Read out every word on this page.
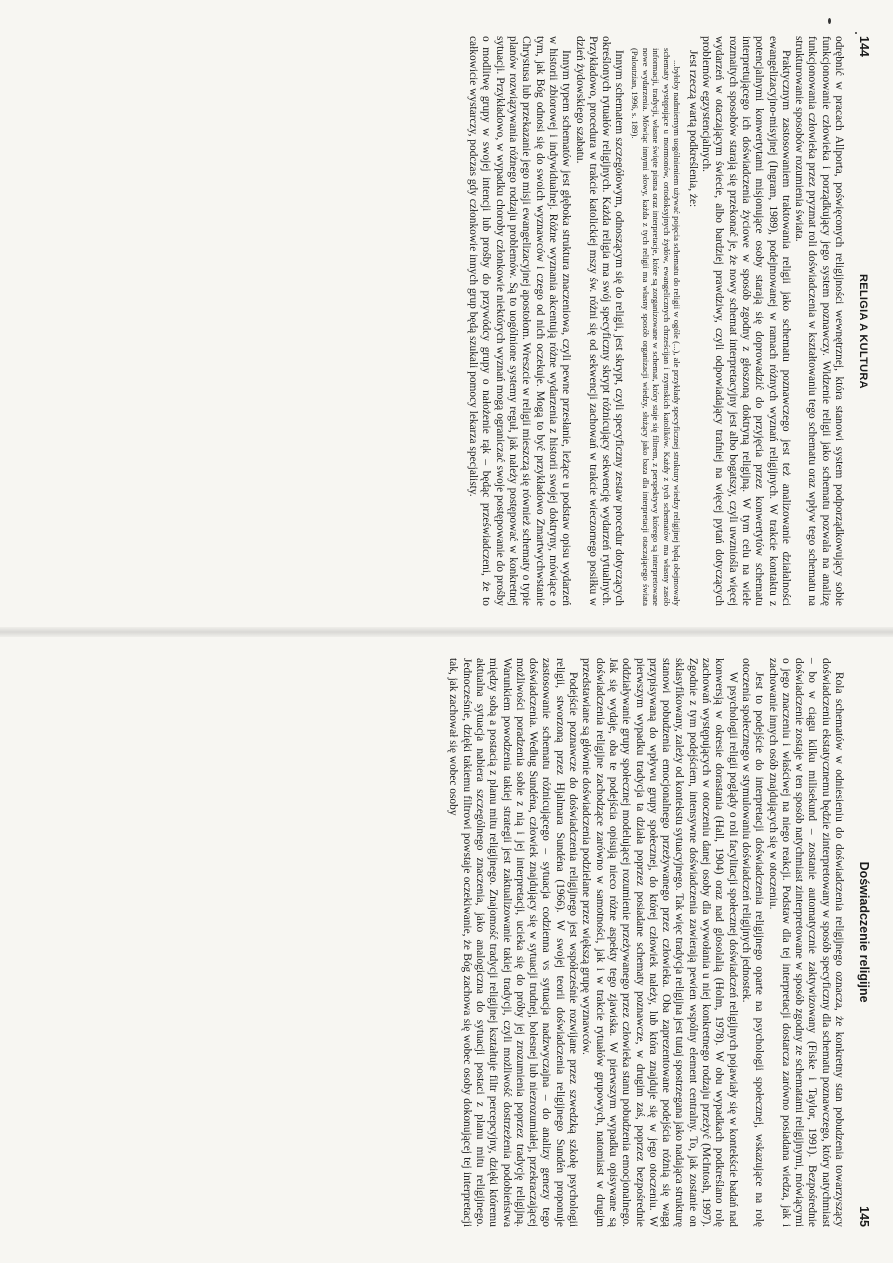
144
RELIGIA A KULTURA

odrębnić w pracach Allporta, poświęconych religijności wewnętrznej, która stanowi system podporządkowujący sobie funkcjonowanie człowieka i porządkujący jego system poznawczy. Widzenie religii jako schematu pozwala na analizę funkcjonowania człowieka przez pryzmat roli doświadczenia w kształtowaniu tego schematu oraz wpływ tego schematu na strukturowanie sposobów rozumienia świata.

Praktycznym zastosowaniem traktowania religii jako schematu poznawczego jest też analizowanie działalności ewangelizacyjno-misyjnej (Ingram, 1989), podejmowanej w ramach różnych wyznań religijnych. W trakcie kontaktu z potencjalnymi konwertytami misjonujące osoby starają się doprowadzić do przyjęcia przez konwertytów schematu interpretującego ich doświadczenia życiowe w sposób zgodny z głoszoną doktryną religijną. W tym celu na wiele rozmaitych sposobów starają się przekonać je, że nowy schemat interpretacyjny jest albo bogatszy, czyli uwzniośla więcej wydarzeń w otaczającym świecie, albo bardziej prawdziwy, czyli odpowiadający trafniej na więcej pytań dotyczących problemów egzystencjalnych.

Jest rzeczą wartą podkreślenia, że:

...byłoby nadmiernym uogólnieniem używać pojęcia schematu do religii w ogóle (...), ale przykłady specyficznej struktury wiedzy religijnej będą obejmowały schematy występujące u mormonów, ortodoksyjnych żydów, ewangelicznych chrześcijan i rzymskich katolików. Każdy z tych schematów ma własny zasób informacji, tradycji, własne święte pisma oraz interpretacje, które są zorganizowane w schemat, który staje się filtrem, z perspektywy którego są interpretowane nowe wydarzenia. Mówiąc innymi słowy, każda z tych religii ma własny sposób organizacji wiedzy, służący jako baza dla interpretacji otaczającego świata (Paloutzian, 1996, s. 189).

Innym schematem szczegółowym, odnoszącym się do religii, jest skrypt, czyli specyficzny zestaw procedur dotyczących określonych rytuałów religijnych. Każda religia ma swój specyficzny skrypt różnicujący sekwencję wydarzeń rytualnych. Przykładowo, procedura w trakcie katolickiej mszy św. różni się od sekwencji zachowań w trakcie wieczornego posiłku w dzień żydowskiego szabatu.

Innym typem schematów jest głęboka struktura znaczeniowa, czyli pewne przesłanie, leżące u podstaw opisu wydarzeń w historii zbiorowej i indywidualnej. Różne wyznania akcentują różne wydarzenia z historii swojej doktryny, mówiące o tym, jak Bóg odnosi się do swoich wyznawców i czego od nich oczekuje. Mogą to być przykładowo Zmartwychwstanie Chrystusa lub przekazanie jego misji ewangelizacyjnej apostołom. Wreszcie w religii mieszczą się również schematy o typie planów rozwiązywania różnego rodzaju problemów. Są to uogólnione systemy reguł, jak należy postępować w konkretnej sytuacji. Przykładowo, w wypadku choroby członkowie niektórych wyznań mogą ograniczać swoje postępowanie do prośby o modlitwę grupy w swojej intencji lub prośby do przywódcy grupy o nałożenie rąk – będąc przeświadczeni, że to całkowicie wystarczy, podczas gdy członkowie innych grup będą szukali pomocy lekarza specjalisty.

Doświadczenie religijne
145

Rola schematów w odniesieniu do doświadczenia religijnego oznacza, że konkretny stan pobudzenia towarzyszący doświadczeniu ekstatycznemu będzie zinterpretowany w sposób specyficzny dla schematu poznawczego, który natychmiast – bo w ciągu kilku milisekund – zostanie automatycznie zaktywizowany (Fiske i Taylor, 1991). Bezpośrednie doświadczenie zostaje w ten sposób natychmiast zinterpretowane w sposób zgodny ze schematami religijnymi, mówiącymi o jego znaczeniu i właściwej na niego reakcji. Podstaw dla tej interpretacji dostarcza zarówno posiadana wiedza, jak i zachowanie innych osób znajdujących się w otoczeniu.

Jest to podejście do interpretacji doświadczenia religijnego oparte na psychologii społecznej, wskazujące na rolę otoczenia społecznego w stymulowaniu doświadczeń religijnych jednostek.

W psychologii religii poglądy o roli facylitacji społecznej doświadczeń religijnych pojawiały się w kontekście badań nad konwersją w okresie dorastania (Hall, 1904) oraz nad glosolalią (Holm, 1978). W obu wypadkach podkreślano rolę zachowań występujących w otoczeniu danej osoby dla wywołania u niej konkretnego rodzaju przeżyć (McIntosh, 1997). Zgodnie z tym podejściem, intensywne doświadczenia zawierają pewien wspólny element centralny. To, jak zostanie on sklasyfikowany, zależy od kontekstu sytuacyjnego. Tak więc tradycja religijna jest tutaj spostrzegana jako nadająca strukturę stanowi pobudzenia emocjonalnego przeżywanego przez człowieka. Oba zaprezentowane podejścia różnią się wagą przypisywaną do wpływu grupy społecznej, do której człowiek należy, lub która znajduje się w jego otoczeniu. W pierwszym wypadku tradycja ta działa poprzez posiadane schematy poznawcze, w drugim zaś, poprzez bezpośrednie oddziaływanie grupy społecznej modelującej rozumienie przeżywanego przez człowieka stanu pobudzenia emocjonalnego. Jak się wydaje, oba te podejścia opisują nieco różne aspekty tego zjawiska. W pierwszym wypadku opisywane są doświadczenia religijne zachodzące zarówno w samotności, jak i w trakcie rytuałów grupowych, natomiast w drugim przedstawiane są głównie doświadczenia podzielane przez większą grupę wyznawców.

Podejście poznawcze do doświadczenia religijnego jest współcześnie rozwijane przez szwedzką szkołę psychologii religii, stworzoną przez Hjalmara Sundéna (1966). W swojej teorii doświadczenia religijnego Sundén proponuje zastosowanie schematu różnicującego – sytuacja codzienna vs sytuacja nadzwyczajna – do analizy genezy tego doświadczenia. Według Sundéna, człowiek znajdujący się w sytuacji trudnej, bolesnej lub niezrozumiałej, przekraczającej możliwości poradzenia sobie z nią i jej interpretacji, ucieka się do próby jej zrozumienia poprzez tradycję religijną. Warunkiem powodzenia takiej strategii jest zaktualizowanie takiej tradycji, czyli możliwość dostrzeżenia podobieństwa między sobą a postacią z planu mitu religijnego. Znajomość tradycji religijnej kształtuje filtr percepcyjny, dzięki któremu aktualna sytuacja nabiera szczególnego znaczenia, jako analogiczna do sytuacji postaci z planu mitu religijnego. Jednocześnie, dzięki takiemu filtrowi powstaje oczekiwanie, że Bóg zachowa się wobec osoby dokonującej tej interpretacji tak, jak zachował się wobec osoby
